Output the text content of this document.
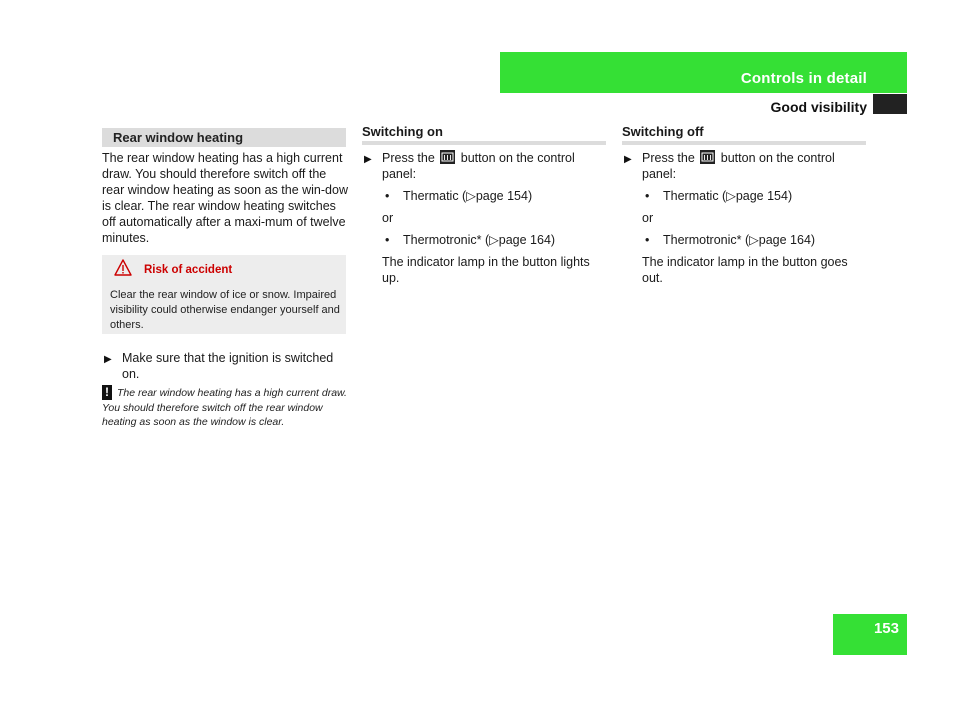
Controls in detail
Good visibility
Rear window heating
The rear window heating has a high current draw. You should therefore switch off the rear window heating as soon as the win-dow is clear. The rear window heating switches off automatically after a maxi-mum of twelve minutes.
Risk of accident
Clear the rear window of ice or snow. Impaired visibility could otherwise endanger yourself and others.
▶ Make sure that the ignition is switched on.
The rear window heating has a high current draw. You should therefore switch off the rear window heating as soon as the window is clear.
!
Switching on
▶ Press the button on the control panel:
• Thermatic (▷page 154)
or
• Thermotronic* (▷page 164)
The indicator lamp in the button lights up.
Switching off
▶ Press the button on the control panel:
• Thermatic (▷page 154)
or
• Thermotronic* (▷page 164)
The indicator lamp in the button goes out.
153
